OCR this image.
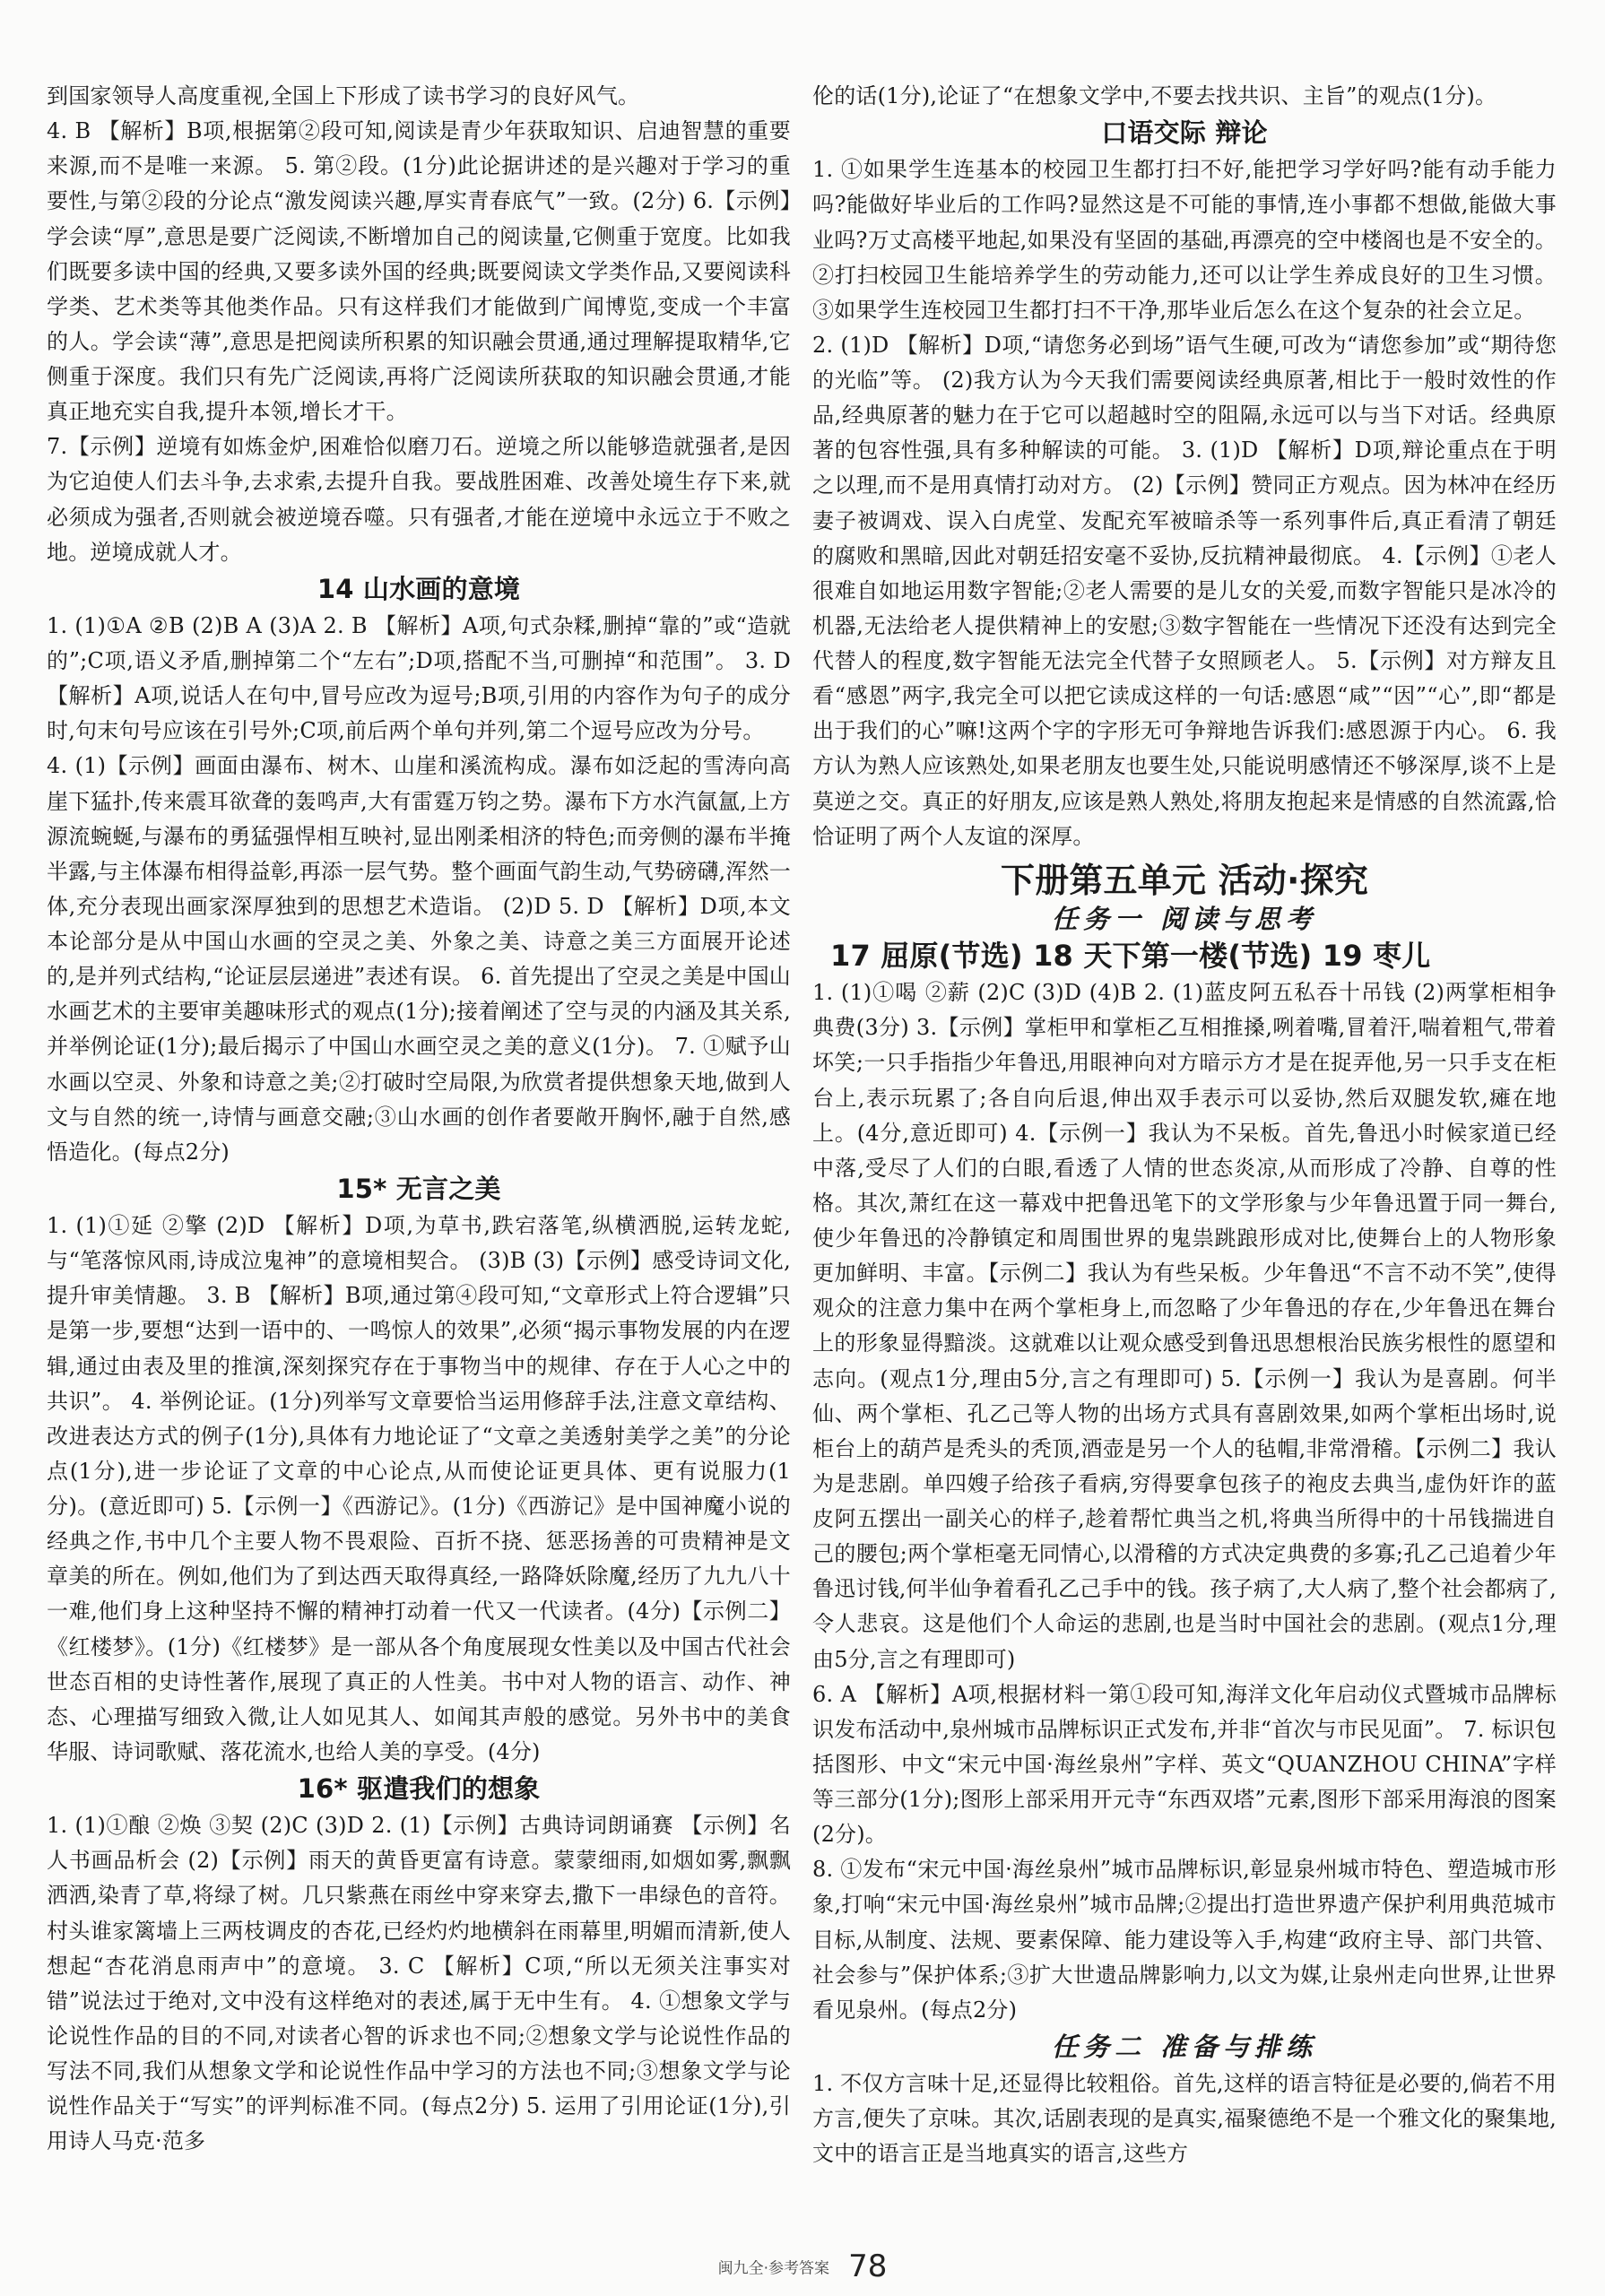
到国家领导人高度重视,全国上下形成了读书学习的良好风气。

4. B 【解析】B项,根据第②段可知,阅读是青少年获取知识、启迪智慧的重要来源,而不是唯一来源。 5. 第②段。(1分)此论据讲述的是兴趣对于学习的重要性,与第②段的分论点“激发阅读兴趣,厚实青春底气”一致。(2分) 6.【示例】学会读“厚”,意思是要广泛阅读,不断增加自己的阅读量,它侧重于宽度。比如我们既要多读中国的经典,又要多读外国的经典;既要阅读文学类作品,又要阅读科学类、艺术类等其他类作品。只有这样我们才能做到广闻博览,变成一个丰富的人。学会读“薄”,意思是把阅读所积累的知识融会贯通,通过理解提取精华,它侧重于深度。我们只有先广泛阅读,再将广泛阅读所获取的知识融会贯通,才能真正地充实自我,提升本领,增长才干。

7.【示例】逆境有如炼金炉,困难恰似磨刀石。逆境之所以能够造就强者,是因为它迫使人们去斗争,去求索,去提升自我。要战胜困难、改善处境生存下来,就必须成为强者,否则就会被逆境吞噬。只有强者,才能在逆境中永远立于不败之地。逆境成就人才。

14 山水画的意境

1. (1)①A ②B (2)B A (3)A 2. B 【解析】A项,句式杂糅,删掉“靠的”或“造就的”;C项,语义矛盾,删掉第二个“左右”;D项,搭配不当,可删掉“和范围”。 3. D 【解析】A项,说话人在句中,冒号应改为逗号;B项,引用的内容作为句子的成分时,句末句号应该在引号外;C项,前后两个单句并列,第二个逗号应改为分号。

4. (1)【示例】画面由瀑布、树木、山崖和溪流构成。瀑布如泛起的雪涛向高崖下猛扑,传来震耳欲聋的轰鸣声,大有雷霆万钧之势。瀑布下方水汽氤氲,上方源流蜿蜒,与瀑布的勇猛强悍相互映衬,显出刚柔相济的特色;而旁侧的瀑布半掩半露,与主体瀑布相得益彰,再添一层气势。整个画面气韵生动,气势磅礴,浑然一体,充分表现出画家深厚独到的思想艺术造诣。 (2)D 5. D 【解析】D项,本文本论部分是从中国山水画的空灵之美、外象之美、诗意之美三方面展开论述的,是并列式结构,“论证层层递进”表述有误。 6. 首先提出了空灵之美是中国山水画艺术的主要审美趣味形式的观点(1分);接着阐述了空与灵的内涵及其关系,并举例论证(1分);最后揭示了中国山水画空灵之美的意义(1分)。 7. ①赋予山水画以空灵、外象和诗意之美;②打破时空局限,为欣赏者提供想象天地,做到人文与自然的统一,诗情与画意交融;③山水画的创作者要敞开胸怀,融于自然,感悟造化。(每点2分)

15* 无言之美

1. (1)①延 ②擎 (2)D 【解析】D项,为草书,跌宕落笔,纵横洒脱,运转龙蛇,与“笔落惊风雨,诗成泣鬼神”的意境相契合。 (3)B (3)【示例】感受诗词文化,提升审美情趣。 3. B 【解析】B项,通过第④段可知,“文章形式上符合逻辑”只是第一步,要想“达到一语中的、一鸣惊人的效果”,必须“揭示事物发展的内在逻辑,通过由表及里的推演,深刻探究存在于事物当中的规律、存在于人心之中的共识”。 4. 举例论证。(1分)列举写文章要恰当运用修辞手法,注意文章结构、改进表达方式的例子(1分),具体有力地论证了“文章之美透射美学之美”的分论点(1分),进一步论证了文章的中心论点,从而使论证更具体、更有说服力(1分)。(意近即可) 5.【示例一】《西游记》。(1分)《西游记》是中国神魔小说的经典之作,书中几个主要人物不畏艰险、百折不挠、惩恶扬善的可贵精神是文章美的所在。例如,他们为了到达西天取得真经,一路降妖除魔,经历了九九八十一难,他们身上这种坚持不懈的精神打动着一代又一代读者。(4分)【示例二】《红楼梦》。(1分)《红楼梦》是一部从各个角度展现女性美以及中国古代社会世态百相的史诗性著作,展现了真正的人性美。书中对人物的语言、动作、神态、心理描写细致入微,让人如见其人、如闻其声般的感觉。另外书中的美食华服、诗词歌赋、落花流水,也给人美的享受。(4分)

16* 驱遣我们的想象

1. (1)①酿 ②焕 ③契 (2)C (3)D 2. (1)【示例】古典诗词朗诵赛 【示例】名人书画品析会 (2)【示例】雨天的黄昏更富有诗意。蒙蒙细雨,如烟如雾,飘飘洒洒,染青了草,将绿了树。几只紫燕在雨丝中穿来穿去,撒下一串绿色的音符。村头谁家篱墙上三两枝调皮的杏花,已经灼灼地横斜在雨幕里,明媚而清新,使人想起“杏花消息雨声中”的意境。 3. C 【解析】C项,“所以无须关注事实对错”说法过于绝对,文中没有这样绝对的表述,属于无中生有。 4. ①想象文学与论说性作品的目的不同,对读者心智的诉求也不同;②想象文学与论说性作品的写法不同,我们从想象文学和论说性作品中学习的方法也不同;③想象文学与论说性作品关于“写实”的评判标准不同。(每点2分) 5. 运用了引用论证(1分),引用诗人马克·范多

伦的话(1分),论证了“在想象文学中,不要去找共识、主旨”的观点(1分)。

口语交际 辩论

1. ①如果学生连基本的校园卫生都打扫不好,能把学习学好吗?能有动手能力吗?能做好毕业后的工作吗?显然这是不可能的事情,连小事都不想做,能做大事业吗?万丈高楼平地起,如果没有坚固的基础,再漂亮的空中楼阁也是不安全的。 ②打扫校园卫生能培养学生的劳动能力,还可以让学生养成良好的卫生习惯。 ③如果学生连校园卫生都打扫不干净,那毕业后怎么在这个复杂的社会立足。

2. (1)D 【解析】D项,“请您务必到场”语气生硬,可改为“请您参加”或“期待您的光临”等。 (2)我方认为今天我们需要阅读经典原著,相比于一般时效性的作品,经典原著的魅力在于它可以超越时空的阻隔,永远可以与当下对话。经典原著的包容性强,具有多种解读的可能。 3. (1)D 【解析】D项,辩论重点在于明之以理,而不是用真情打动对方。 (2)【示例】赞同正方观点。因为林冲在经历妻子被调戏、误入白虎堂、发配充军被暗杀等一系列事件后,真正看清了朝廷的腐败和黑暗,因此对朝廷招安毫不妥协,反抗精神最彻底。 4.【示例】①老人很难自如地运用数字智能;②老人需要的是儿女的关爱,而数字智能只是冰冷的机器,无法给老人提供精神上的安慰;③数字智能在一些情况下还没有达到完全代替人的程度,数字智能无法完全代替子女照顾老人。 5.【示例】对方辩友且看“感恩”两字,我完全可以把它读成这样的一句话:感恩“咸”“因”“心”,即“都是出于我们的心”嘛!这两个字的字形无可争辩地告诉我们:感恩源于内心。 6. 我方认为熟人应该熟处,如果老朋友也要生处,只能说明感情还不够深厚,谈不上是莫逆之交。真正的好朋友,应该是熟人熟处,将朋友抱起来是情感的自然流露,恰恰证明了两个人友谊的深厚。

下册第五单元 活动·探究
任务一 阅读与思考
17 屈原(节选) 18 天下第一楼(节选) 19 枣儿

1. (1)①喝 ②薪 (2)C (3)D (4)B 2. (1)蓝皮阿五私吞十吊钱 (2)两掌柜相争典费(3分) 3.【示例】掌柜甲和掌柜乙互相推搡,咧着嘴,冒着汗,喘着粗气,带着坏笑;一只手指指少年鲁迅,用眼神向对方暗示方才是在捉弄他,另一只手支在柜台上,表示玩累了;各自向后退,伸出双手表示可以妥协,然后双腿发软,瘫在地上。(4分,意近即可) 4.【示例一】我认为不呆板。首先,鲁迅小时候家道已经中落,受尽了人们的白眼,看透了人情的世态炎凉,从而形成了冷静、自尊的性格。其次,萧红在这一幕戏中把鲁迅笔下的文学形象与少年鲁迅置于同一舞台,使少年鲁迅的冷静镇定和周围世界的鬼祟跳踉形成对比,使舞台上的人物形象更加鲜明、丰富。【示例二】我认为有些呆板。少年鲁迅“不言不动不笑”,使得观众的注意力集中在两个掌柜身上,而忽略了少年鲁迅的存在,少年鲁迅在舞台上的形象显得黯淡。这就难以让观众感受到鲁迅思想根治民族劣根性的愿望和志向。(观点1分,理由5分,言之有理即可) 5.【示例一】我认为是喜剧。何半仙、两个掌柜、孔乙己等人物的出场方式具有喜剧效果,如两个掌柜出场时,说柜台上的葫芦是秃头的秃顶,酒壶是另一个人的毡帽,非常滑稽。【示例二】我认为是悲剧。单四嫂子给孩子看病,穷得要拿包孩子的袍皮去典当,虚伪奸诈的蓝皮阿五摆出一副关心的样子,趁着帮忙典当之机,将典当所得中的十吊钱揣进自己的腰包;两个掌柜毫无同情心,以滑稽的方式决定典费的多寡;孔乙己追着少年鲁迅讨钱,何半仙争着看孔乙己手中的钱。孩子病了,大人病了,整个社会都病了,令人悲哀。这是他们个人命运的悲剧,也是当时中国社会的悲剧。(观点1分,理由5分,言之有理即可)

6. A 【解析】A项,根据材料一第①段可知,海洋文化年启动仪式暨城市品牌标识发布活动中,泉州城市品牌标识正式发布,并非“首次与市民见面”。 7. 标识包括图形、中文“宋元中国·海丝泉州”字样、英文“QUANZHOU CHINA”字样等三部分(1分);图形上部采用开元寺“东西双塔”元素,图形下部采用海浪的图案(2分)。

8. ①发布“宋元中国·海丝泉州”城市品牌标识,彰显泉州城市特色、塑造城市形象,打响“宋元中国·海丝泉州”城市品牌;②提出打造世界遗产保护利用典范城市目标,从制度、法规、要素保障、能力建设等入手,构建“政府主导、部门共管、社会参与”保护体系;③扩大世遗品牌影响力,以文为媒,让泉州走向世界,让世界看见泉州。(每点2分)

任务二 准备与排练

1. 不仅方言味十足,还显得比较粗俗。首先,这样的语言特征是必要的,倘若不用方言,便失了京味。其次,话剧表现的是真实,福聚德绝不是一个雅文化的聚集地,文中的语言正是当地真实的语言,这些方

闽九全·参考答案 78
